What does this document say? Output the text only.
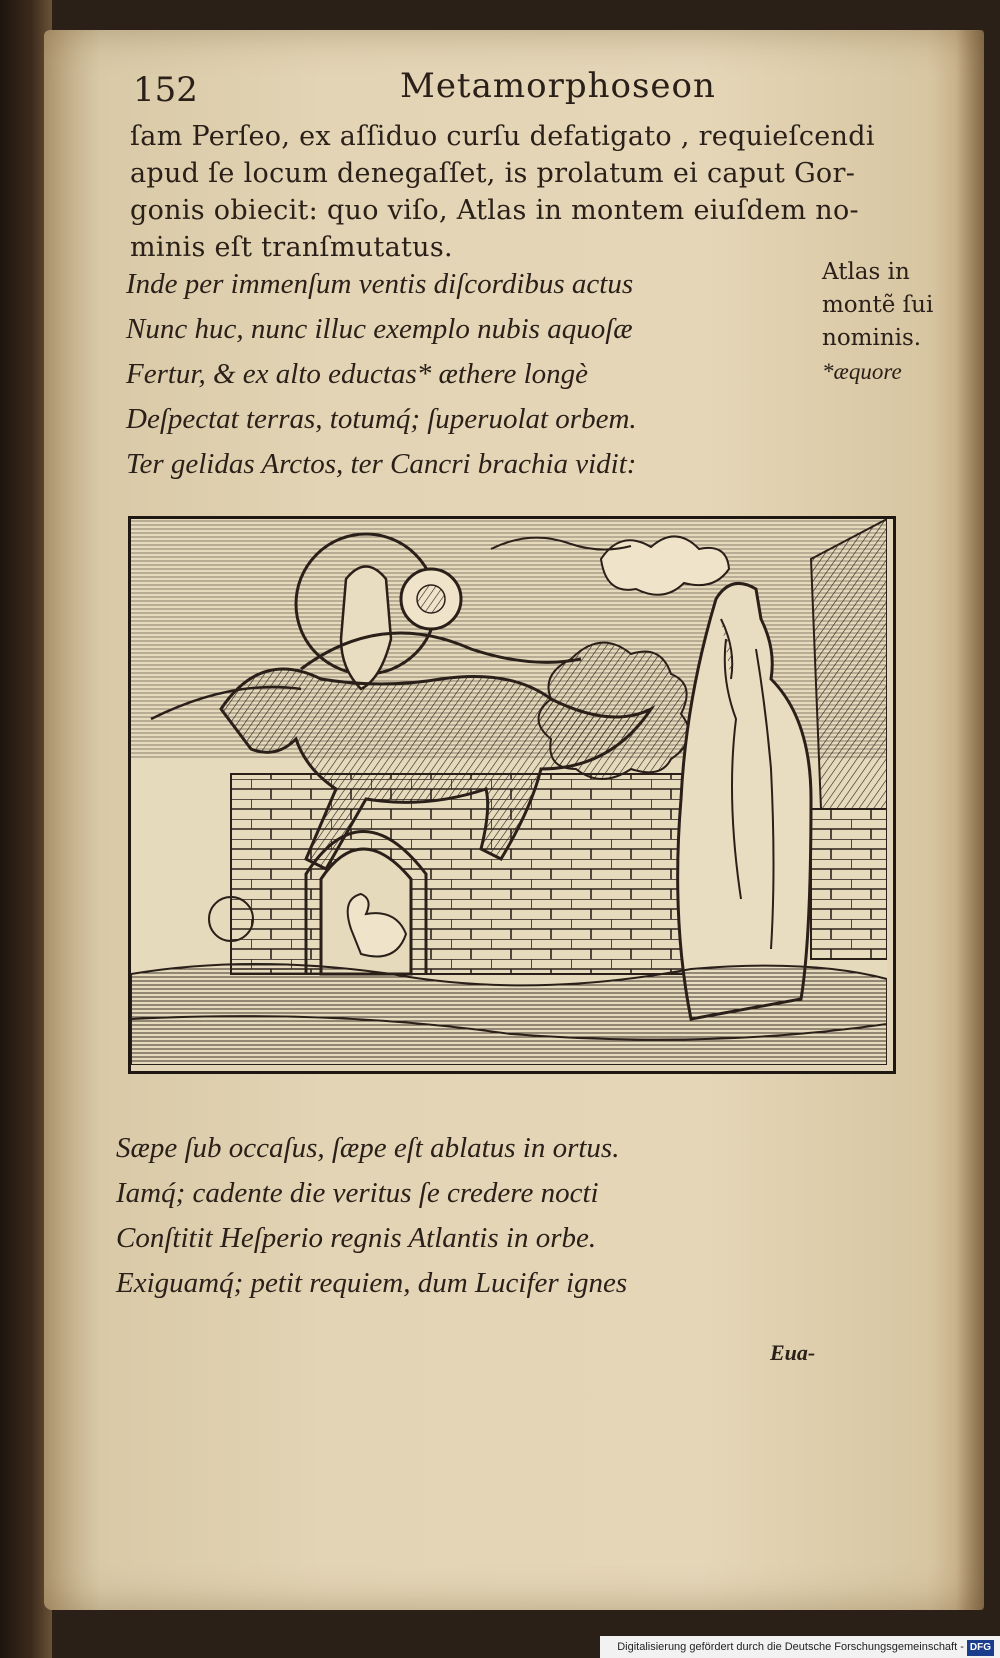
152	Metamorphoseon
ſam Perſeo, ex aſſiduo curſu defatigato , requieſcendi
apud ſe locum denegaſſet, is prolatum ei caput Gor-
gonis obiecit: quo viſo, Atlas in montem eiuſdem no-
minis eſt tranſmutatus.
Inde per immenſum ventis diſcordibus actus
Nunc huc, nunc illuc exemplo nubis aquoſæ
Fertur, & ex alto eductas* æthere longè
Deſpectat terras, totumq́; ſuperuolat orbem.
Ter gelidas Arctos, ter Cancri brachia vidit:
Atlas in
montẽ ſui
nominis.
*æquore
Sæpe ſub occaſus, ſæpe eſt ablatus in ortus.
Iamq́; cadente die veritus ſe credere nocti
Conſtitit Heſperio regnis Atlantis in orbe.
Exiguamq́; petit requiem, dum Lucifer ignes
Eua-
Digitalisierung gefördert durch die Deutsche Forschungsgemeinschaft - DFG
